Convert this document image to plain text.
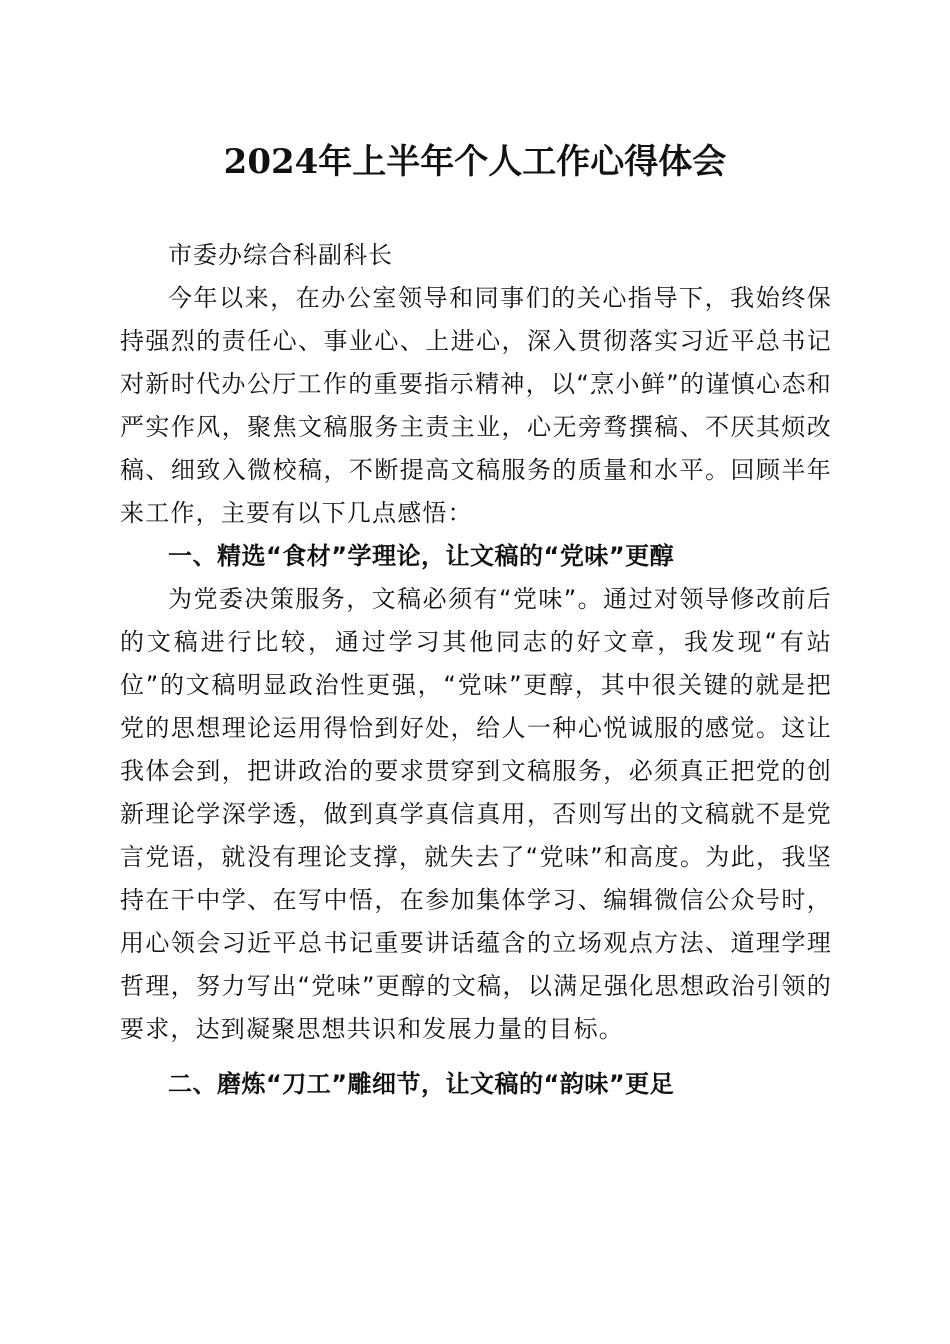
2024年上半年个人工作心得体会

市委办综合科副科长

今年以来，在办公室领导和同事们的关心指导下，我始终保持强烈的责任心、事业心、上进心，深入贯彻落实习近平总书记对新时代办公厅工作的重要指示精神，以“烹小鲜”的谨慎心态和严实作风，聚焦文稿服务主责主业，心无旁骛撰稿、不厌其烦改稿、细致入微校稿，不断提高文稿服务的质量和水平。回顾半年来工作，主要有以下几点感悟：

一、精选“食材”学理论，让文稿的“党味”更醇

为党委决策服务，文稿必须有“党味”。通过对领导修改前后的文稿进行比较，通过学习其他同志的好文章，我发现“有站位”的文稿明显政治性更强，“党味”更醇，其中很关键的就是把党的思想理论运用得恰到好处，给人一种心悦诚服的感觉。这让我体会到，把讲政治的要求贯穿到文稿服务，必须真正把党的创新理论学深学透，做到真学真信真用，否则写出的文稿就不是党言党语，就没有理论支撑，就失去了“党味”和高度。为此，我坚持在干中学、在写中悟，在参加集体学习、编辑微信公众号时，用心领会习近平总书记重要讲话蕴含的立场观点方法、道理学理哲理，努力写出“党味”更醇的文稿，以满足强化思想政治引领的要求，达到凝聚思想共识和发展力量的目标。

二、磨炼“刀工”雕细节，让文稿的“韵味”更足
